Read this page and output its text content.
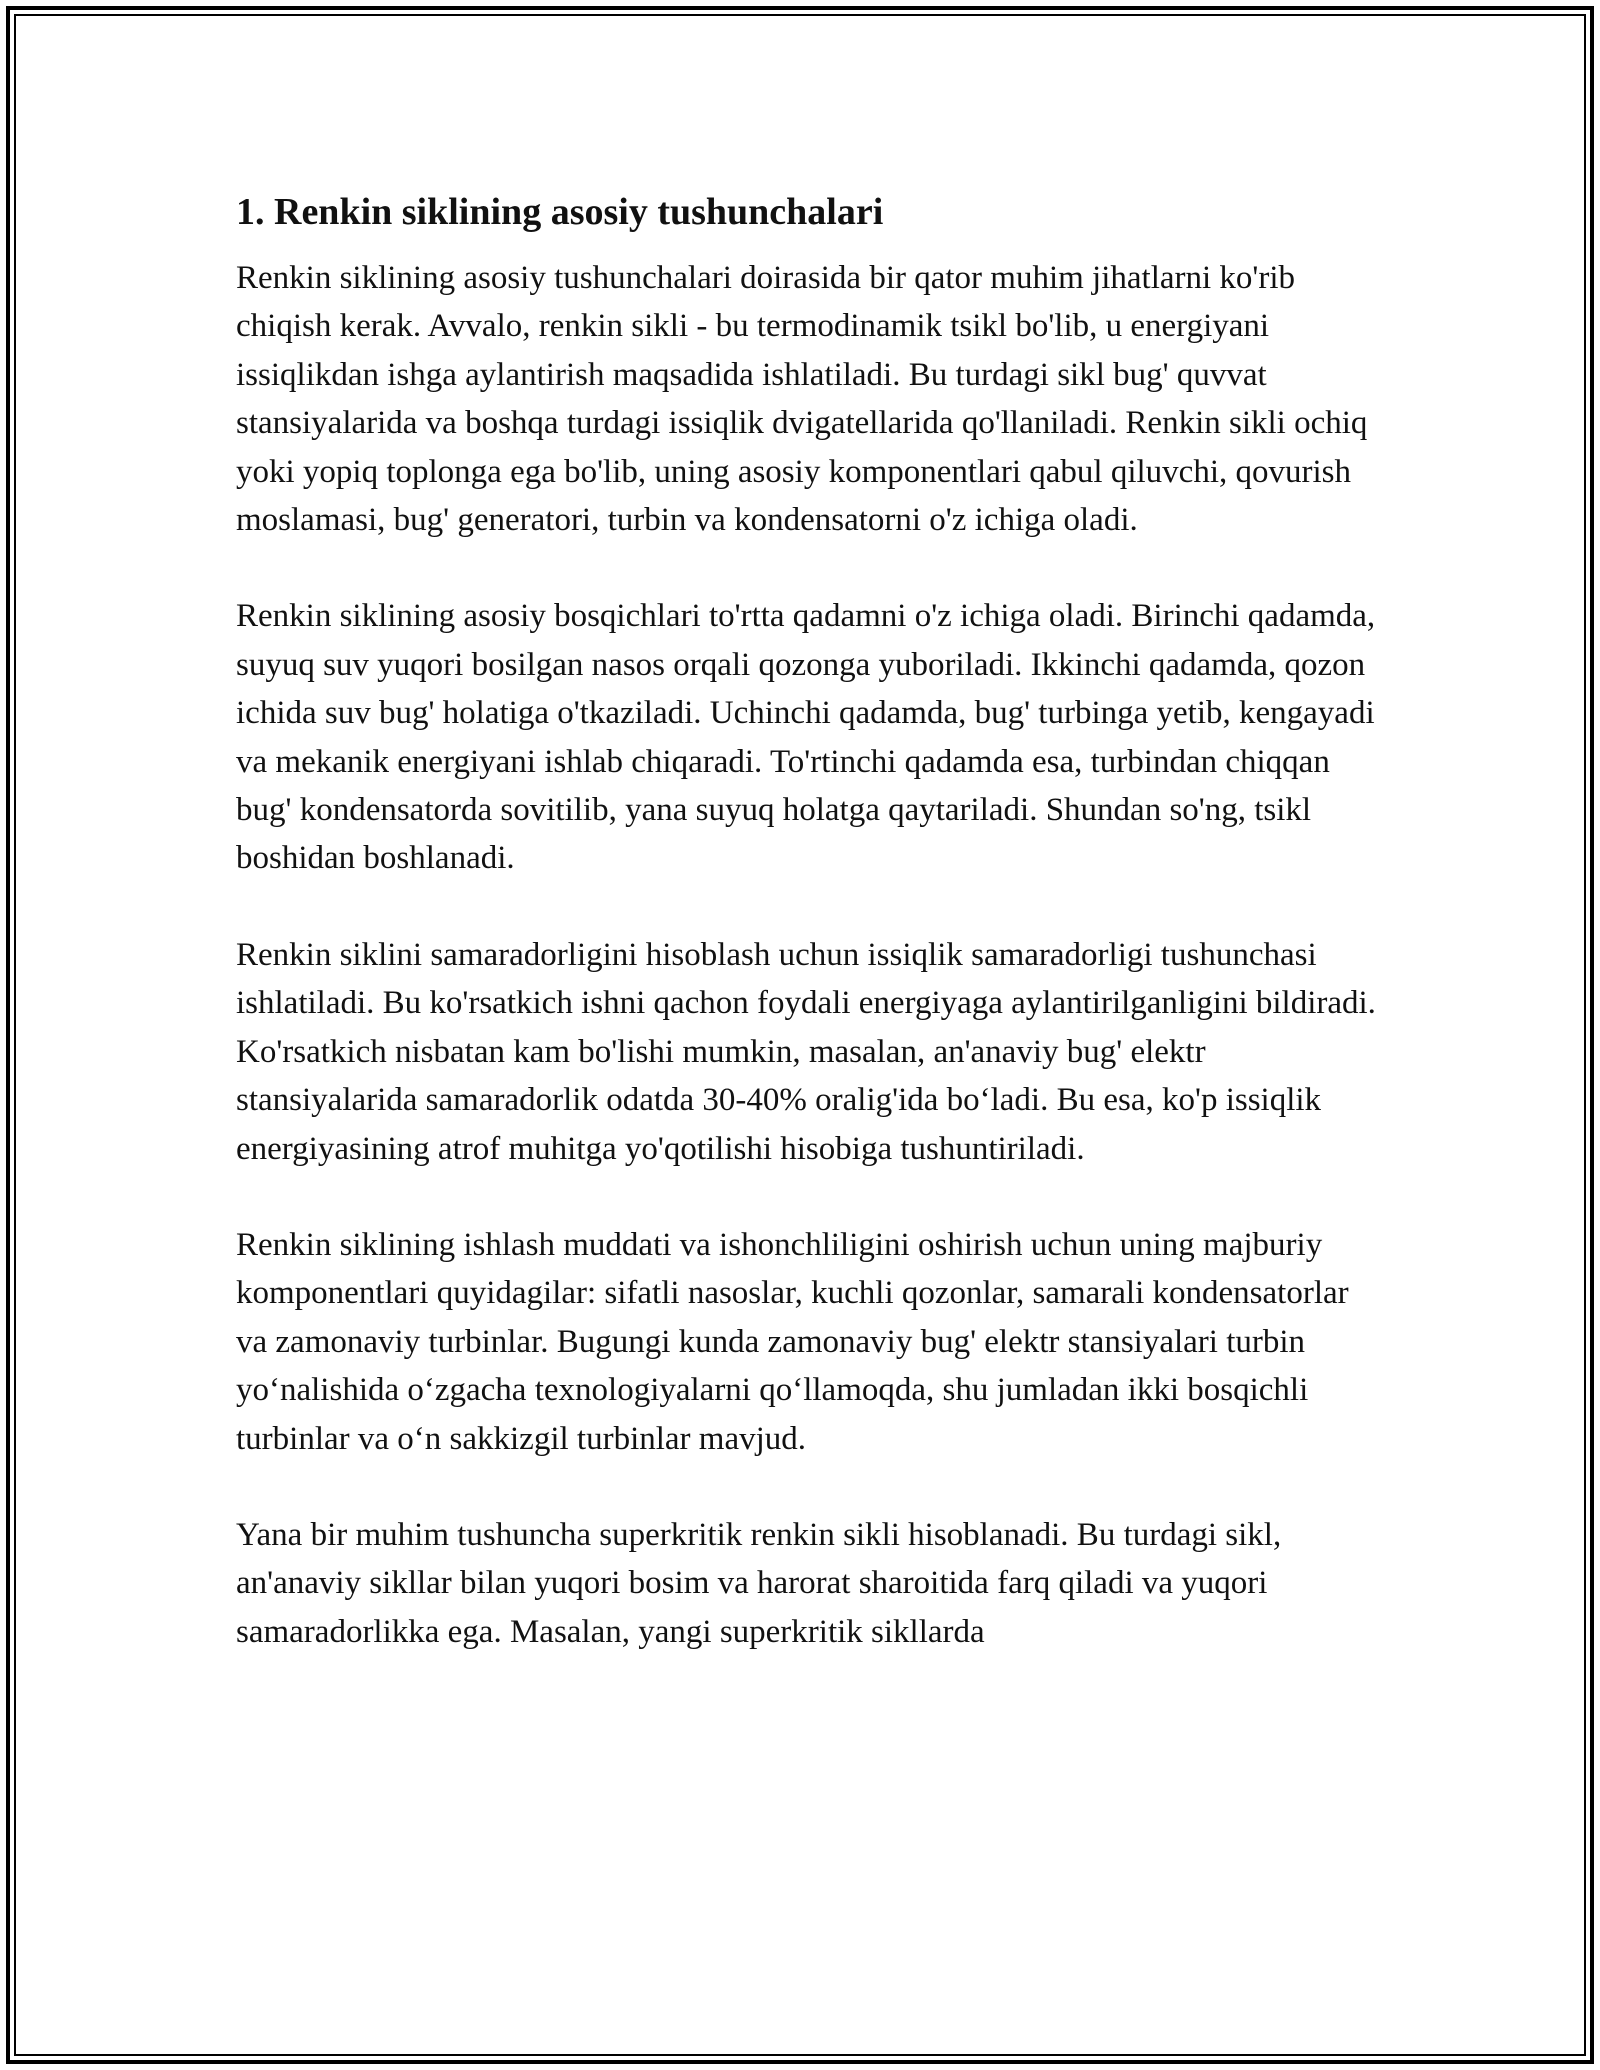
1. Renkin siklining asosiy tushunchalari

Renkin siklining asosiy tushunchalari doirasida bir qator muhim jihatlarni ko'rib chiqish kerak. Avvalo, renkin sikli - bu termodinamik tsikl bo'lib, u energiyani issiqlikdan ishga aylantirish maqsadida ishlatiladi. Bu turdagi sikl bug' quvvat stansiyalarida va boshqa turdagi issiqlik dvigatellarida qo'llaniladi. Renkin sikli ochiq yoki yopiq toplonga ega bo'lib, uning asosiy komponentlari qabul qiluvchi, qovurish moslamasi, bug' generatori, turbin va kondensatorni o'z ichiga oladi.

Renkin siklining asosiy bosqichlari to'rtta qadamni o'z ichiga oladi. Birinchi qadamda, suyuq suv yuqori bosilgan nasos orqali qozonga yuboriladi. Ikkinchi qadamda, qozon ichida suv bug' holatiga o'tkaziladi. Uchinchi qadamda, bug' turbinga yetib, kengayadi va mekanik energiyani ishlab chiqaradi. To'rtinchi qadamda esa, turbindan chiqqan bug' kondensatorda sovitilib, yana suyuq holatga qaytariladi. Shundan so'ng, tsikl boshidan boshlanadi.

Renkin siklini samaradorligini hisoblash uchun issiqlik samaradorligi tushunchasi ishlatiladi. Bu ko'rsatkich ishni qachon foydali energiyaga aylantirilganligini bildiradi. Ko'rsatkich nisbatan kam bo'lishi mumkin, masalan, an'anaviy bug' elektr stansiyalarida samaradorlik odatda 30-40% oralig'ida bo‘ladi. Bu esa, ko'p issiqlik energiyasining atrof muhitga yo'qotilishi hisobiga tushuntiriladi.

Renkin siklining ishlash muddati va ishonchliligini oshirish uchun uning majburiy komponentlari quyidagilar: sifatli nasoslar, kuchli qozonlar, samarali kondensatorlar va zamonaviy turbinlar. Bugungi kunda zamonaviy bug' elektr stansiyalari turbin yo‘nalishida o‘zgacha texnologiyalarni qo‘llamoqda, shu jumladan ikki bosqichli turbinlar va o‘n sakkizgil turbinlar mavjud.

Yana bir muhim tushuncha superkritik renkin sikli hisoblanadi. Bu turdagi sikl, an'anaviy sikllar bilan yuqori bosim va harorat sharoitida farq qiladi va yuqori samaradorlikka ega. Masalan, yangi superkritik sikllarda
